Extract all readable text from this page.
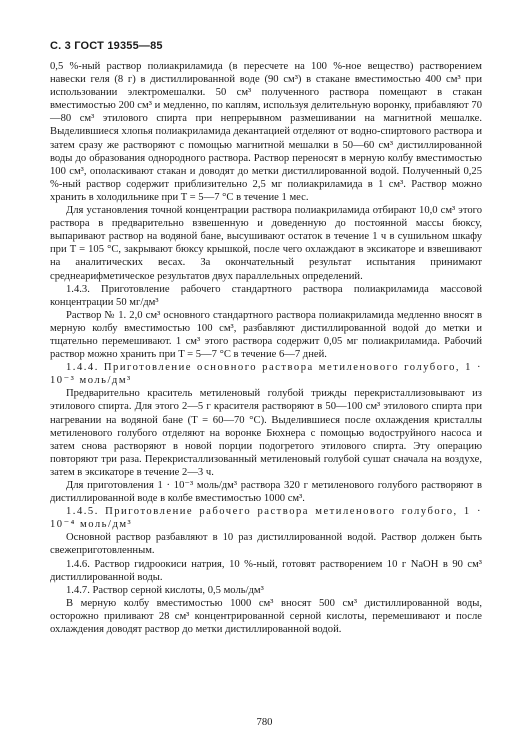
С. 3 ГОСТ 19355—85

0,5 %-ный раствор полиакриламида (в пересчете на 100 %-ное вещество) растворением навески геля (8 г) в дистиллированной воде (90 см³) в стакане вместимостью 400 см³ при использовании электромешалки. 50 см³ полученного раствора помещают в стакан вместимостью 200 см³ и медленно, по каплям, используя делительную воронку, прибавляют 70—80 см³ этилового спирта при непрерывном размешивании на магнитной мешалке. Выделившиеся хлопья полиакриламида декантацией отделяют от водно-спиртового раствора и затем сразу же растворяют с помощью магнитной мешалки в 50—60 см³ дистиллированной воды до образования однородного раствора. Раствор переносят в мерную колбу вместимостью 100 см³, ополаскивают стакан и доводят до метки дистиллированной водой. Полученный 0,25 %-ный раствор содержит приблизительно 2,5 мг полиакриламида в 1 см³. Раствор можно хранить в холодильнике при T = 5—7 °С в течение 1 мес.

Для установления точной концентрации раствора полиакриламида отбирают 10,0 см³ этого раствора в предварительно взвешенную и доведенную до постоянной массы бюксу, выпаривают раствор на водяной бане, высушивают остаток в течение 1 ч в сушильном шкафу при T = 105 °С, закрывают бюксу крышкой, после чего охлаждают в эксикаторе и взвешивают на аналитических весах. За окончательный результат испытания принимают среднеарифметическое результатов двух параллельных определений.

1.4.3. Приготовление рабочего стандартного раствора полиакриламида массовой концентрации 50 мг/дм³

Раствор № 1. 2,0 см³ основного стандартного раствора полиакриламида медленно вносят в мерную колбу вместимостью 100 см³, разбавляют дистиллированной водой до метки и тщательно перемешивают. 1 см³ этого раствора содержит 0,05 мг полиакриламида. Рабочий раствор можно хранить при T = 5—7 °С в течение 6—7 дней.

1.4.4. Приготовление основного раствора метиленового голубого, 1 · 10⁻³ моль/дм³

Предварительно краситель метиленовый голубой трижды перекристаллизовывают из этилового спирта. Для этого 2—5 г красителя растворяют в 50—100 см³ этилового спирта при нагревании на водяной бане (T = 60—70 °С). Выделившиеся после охлаждения кристаллы метиленового голубого отделяют на воронке Бюхнера с помощью водоструйного насоса и затем снова растворяют в новой порции подогретого этилового спирта. Эту операцию повторяют три раза. Перекристаллизованный метиленовый голубой сушат сначала на воздухе, затем в эксикаторе в течение 2—3 ч.

Для приготовления 1 · 10⁻³ моль/дм³ раствора 320 г метиленового голубого растворяют в дистиллированной воде в колбе вместимостью 1000 см³.

1.4.5. Приготовление рабочего раствора метиленового голубого, 1 · 10⁻⁴ моль/дм³

Основной раствор разбавляют в 10 раз дистиллированной водой. Раствор должен быть свежеприготовленным.

1.4.6. Раствор гидроокиси натрия, 10 %-ный, готовят растворением 10 г NaOH в 90 см³ дистиллированной воды.

1.4.7. Раствор серной кислоты, 0,5 моль/дм³

В мерную колбу вместимостью 1000 см³ вносят 500 см³ дистиллированной воды, осторожно приливают 28 см³ концентрированной серной кислоты, перемешивают и после охлаждения доводят раствор до метки дистиллированной водой.

780
